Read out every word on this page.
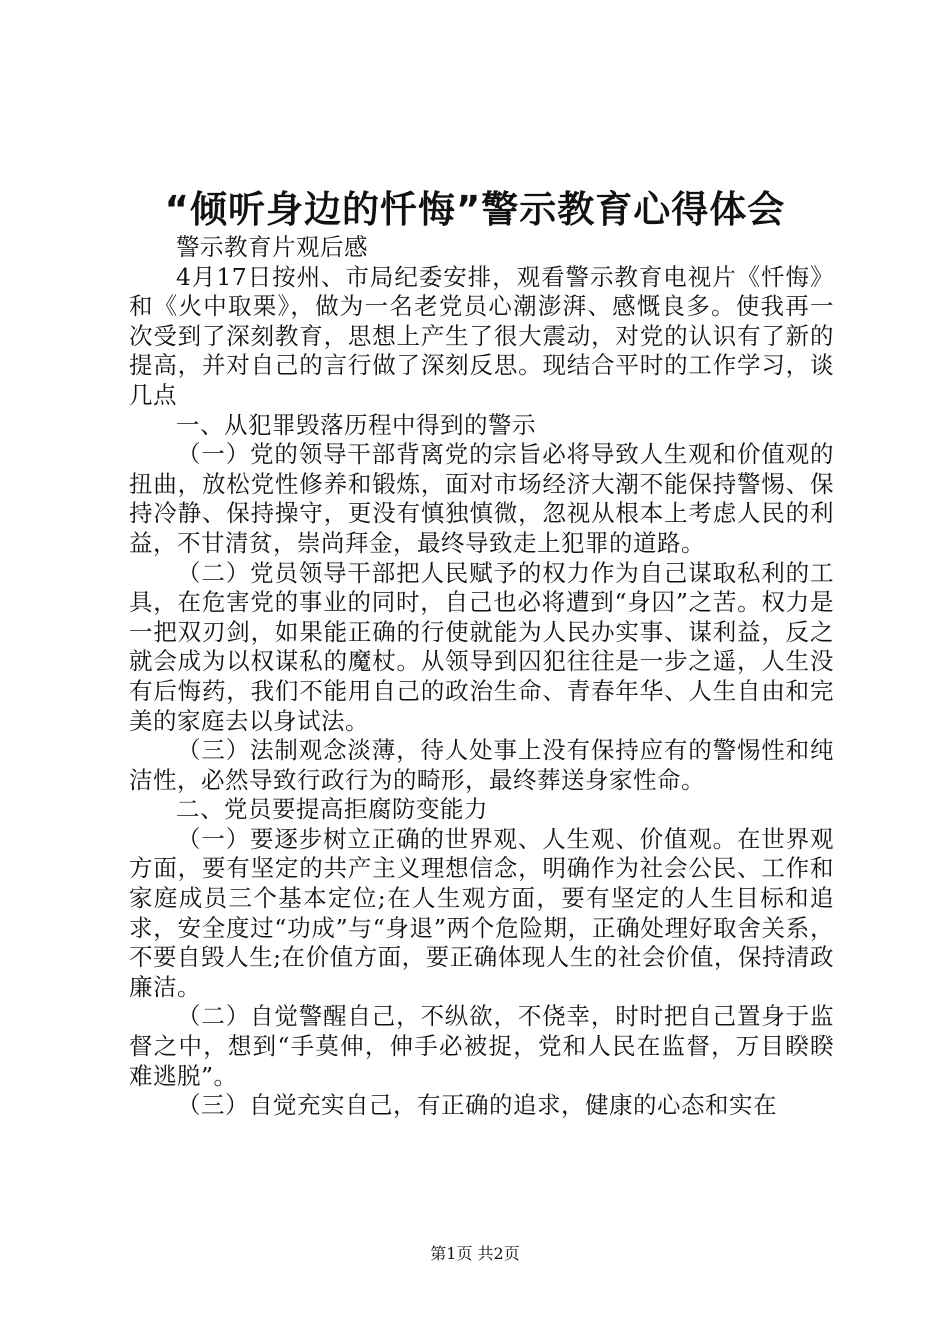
“倾听身边的忏悔”警示教育心得体会

警示教育片观后感

4月17日按州、市局纪委安排，观看警示教育电视片《忏悔》和《火中取栗》，做为一名老党员心潮澎湃、感慨良多。使我再一次受到了深刻教育，思想上产生了很大震动，对党的认识有了新的提高，并对自己的言行做了深刻反思。现结合平时的工作学习，谈几点

一、从犯罪毁落历程中得到的警示

（一）党的领导干部背离党的宗旨必将导致人生观和价值观的扭曲，放松党性修养和锻炼，面对市场经济大潮不能保持警惕、保持冷静、保持操守，更没有慎独慎微，忽视从根本上考虑人民的利益，不甘清贫，崇尚拜金，最终导致走上犯罪的道路。

（二）党员领导干部把人民赋予的权力作为自己谋取私利的工具，在危害党的事业的同时，自己也必将遭到“身囚”之苦。权力是一把双刃剑，如果能正确的行使就能为人民办实事、谋利益，反之就会成为以权谋私的魔杖。从领导到囚犯往往是一步之遥，人生没有后悔药，我们不能用自己的政治生命、青春年华、人生自由和完美的家庭去以身试法。

（三）法制观念淡薄，待人处事上没有保持应有的警惕性和纯洁性，必然导致行政行为的畸形，最终葬送身家性命。

二、党员要提高拒腐防变能力

（一）要逐步树立正确的世界观、人生观、价值观。在世界观方面，要有坚定的共产主义理想信念，明确作为社会公民、工作和家庭成员三个基本定位;在人生观方面，要有坚定的人生目标和追求，安全度过“功成”与“身退”两个危险期，正确处理好取舍关系，不要自毁人生;在价值方面，要正确体现人生的社会价值，保持清政廉洁。

（二）自觉警醒自己，不纵欲，不侥幸，时时把自己置身于监督之中，想到“手莫伸，伸手必被捉，党和人民在监督，万目睽睽难逃脱”。

（三）自觉充实自己，有正确的追求，健康的心态和实在

第1页 共2页
